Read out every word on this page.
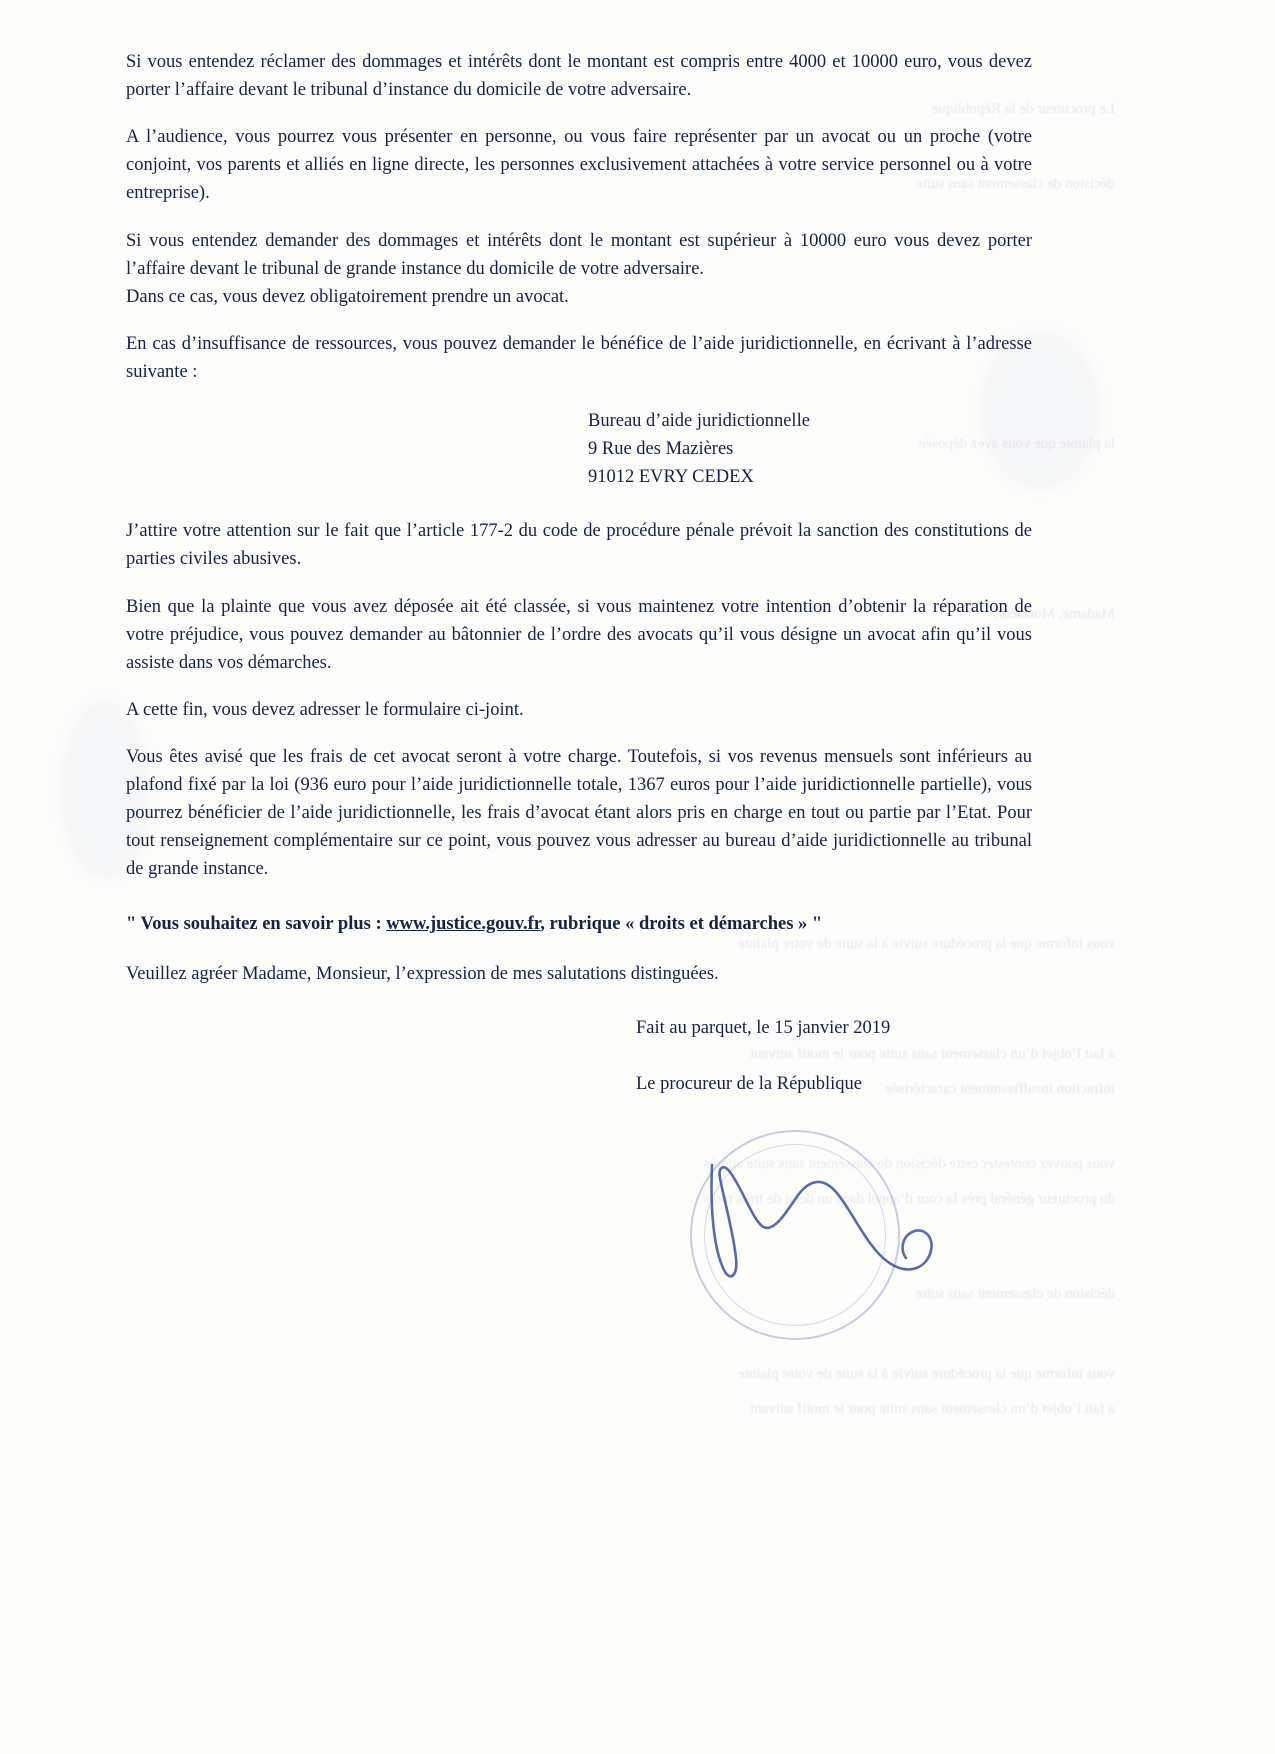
Le procureur de la République
décision de classement sans suite
la plainte que vous avez déposée
Madame, Monsieur,
vous informe que la procédure suivie à la suite de votre plainte
a fait l’objet d’un classement sans suite pour le motif suivant
infraction insuffisamment caractérisée
vous pouvez contester cette décision de classement sans suite auprès
du procureur général près la cour d’appel dans un délai de trois mois
décision de classement sans suite
vous informe que la procédure suivie à la suite de votre plainte
a fait l’objet d’un classement sans suite pour le motif suivant

Si vous entendez réclamer des dommages et intérêts dont le montant est compris entre 4000 et 10000 euro, vous devez porter l’affaire devant le tribunal d’instance du domicile de votre adversaire.

A l’audience, vous pourrez vous présenter en personne, ou vous faire représenter par un avocat ou un proche (votre conjoint, vos parents et alliés en ligne directe, les personnes exclusivement attachées à votre service personnel ou à votre entreprise).

Si vous entendez demander des dommages et intérêts dont le montant est supérieur à 10000 euro vous devez porter l’affaire devant le tribunal de grande instance du domicile de votre adversaire.

Dans ce cas, vous devez obligatoirement prendre un avocat.

En cas d’insuffisance de ressources, vous pouvez demander le bénéfice de l’aide juridictionnelle, en écrivant à l’adresse suivante :

Bureau d’aide juridictionnelle
9 Rue des Mazières
91012 EVRY CEDEX

J’attire votre attention sur le fait que l’article 177-2 du code de procédure pénale prévoit la sanction des constitutions de parties civiles abusives.

Bien que la plainte que vous avez déposée ait été classée, si vous maintenez votre intention d’obtenir la réparation de votre préjudice, vous pouvez demander au bâtonnier de l’ordre des avocats qu’il vous désigne un avocat afin qu’il vous assiste dans vos démarches.

A cette fin, vous devez adresser le formulaire ci-joint.

Vous êtes avisé que les frais de cet avocat seront à votre charge. Toutefois, si vos revenus mensuels sont inférieurs au plafond fixé par la loi (936 euro pour l’aide juridictionnelle totale, 1367 euros pour l’aide juridictionnelle partielle), vous pourrez bénéficier de l’aide juridictionnelle, les frais d’avocat étant alors pris en charge en tout ou partie par l’Etat. Pour tout renseignement complémentaire sur ce point, vous pouvez vous adresser au bureau d’aide juridictionnelle au tribunal de grande instance.

" Vous souhaitez en savoir plus : www.justice.gouv.fr, rubrique « droits et démarches » "

Veuillez agréer Madame, Monsieur, l’expression de mes salutations distinguées.

Fait au parquet, le 15 janvier 2019
Le procureur de la République
